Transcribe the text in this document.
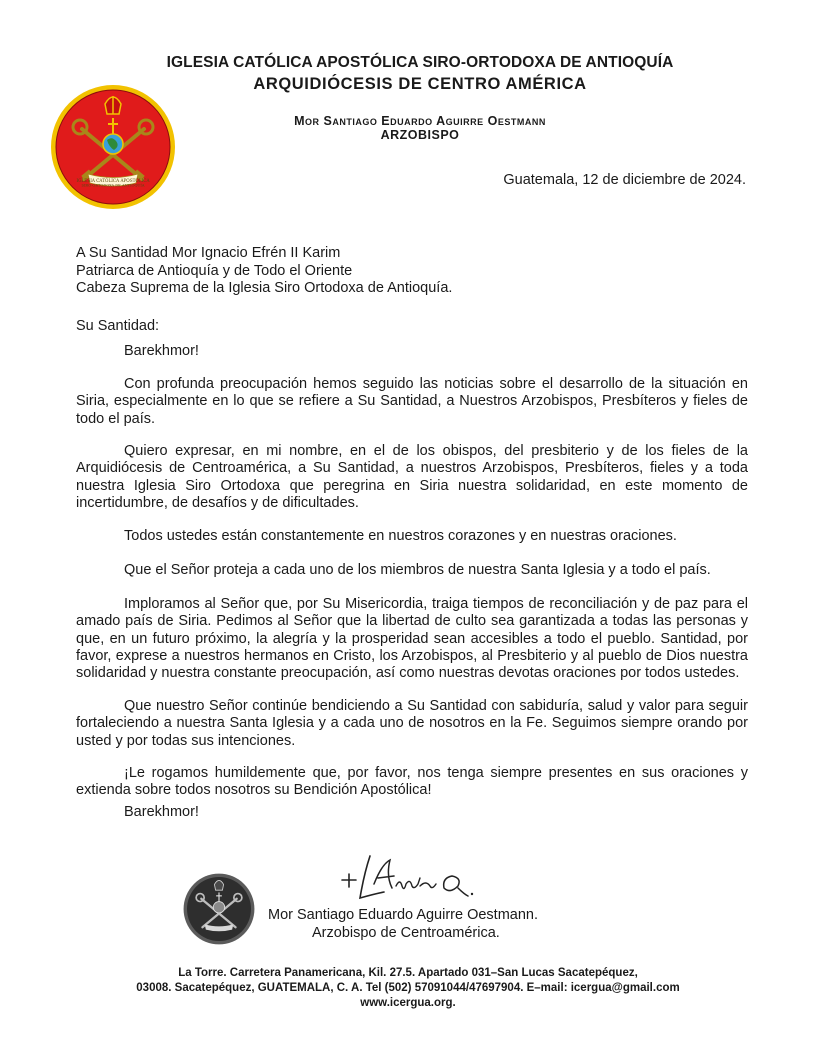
IGLESIA CATÓLICA APOSTÓLICA SIRO-ORTODOXA DE ANTIOQUÍA
ARQUIDIÓCESIS DE CENTRO AMÉRICA
Mor Santiago Eduardo Aguirre Oestmann
ARZOBISPO
IGLESIA CATÓLICA APOSTÓLICA
SIRO-ORTODOXA DE ANTIOQUÍA	Guatemala, 12 de diciembre de 2024.
A Su Santidad Mor Ignacio Efrén II Karim
Patriarca de Antioquía y de Todo el Oriente
Cabeza Suprema de la Iglesia Siro Ortodoxa de Antioquía.
Su Santidad:
Barekhmor!

Con profunda preocupación hemos seguido las noticias sobre el desarrollo de la situación en Siria, especialmente en lo que se refiere a Su Santidad, a Nuestros Arzobispos, Presbíteros y fieles de todo el país.

Quiero expresar, en mi nombre, en el de los obispos, del presbiterio y de los fieles de la Arquidiócesis de Centroamérica, a Su Santidad, a nuestros Arzobispos, Presbíteros, fieles y a toda nuestra Iglesia Siro Ortodoxa que peregrina en Siria nuestra solidaridad, en este momento de incertidumbre, de desafíos y de dificultades.

Todos ustedes están constantemente en nuestros corazones y en nuestras oraciones.

Que el Señor proteja a cada uno de los miembros de nuestra Santa Iglesia y a todo el país.

Imploramos al Señor que, por Su Misericordia, traiga tiempos de reconciliación y de paz para el amado país de Siria. Pedimos al Señor que la libertad de culto sea garantizada a todas las personas y que, en un futuro próximo, la alegría y la prosperidad sean accesibles a todo el pueblo. Santidad, por favor, exprese a nuestros hermanos en Cristo, los Arzobispos, al Presbiterio y al pueblo de Dios nuestra solidaridad y nuestra constante preocupación, así como nuestras devotas oraciones por todos ustedes.

Que nuestro Señor continúe bendiciendo a Su Santidad con sabiduría, salud y valor para seguir fortaleciendo a nuestra Santa Iglesia y a cada uno de nosotros en la Fe. Seguimos siempre orando por usted y por todas sus intenciones.

¡Le rogamos humildemente que, por favor, nos tenga siempre presentes en sus oraciones y extienda sobre todos nosotros su Bendición Apostólica!

Barekhmor!
Mor Santiago Eduardo Aguirre Oestmann.
Arzobispo de Centroamérica.
La Torre. Carretera Panamericana, Kil. 27.5. Apartado 031–San Lucas Sacatepéquez,
03008. Sacatepéquez, GUATEMALA, C. A. Tel (502) 57091044/47697904. E–mail: icergua@gmail.com
www.icergua.org.
